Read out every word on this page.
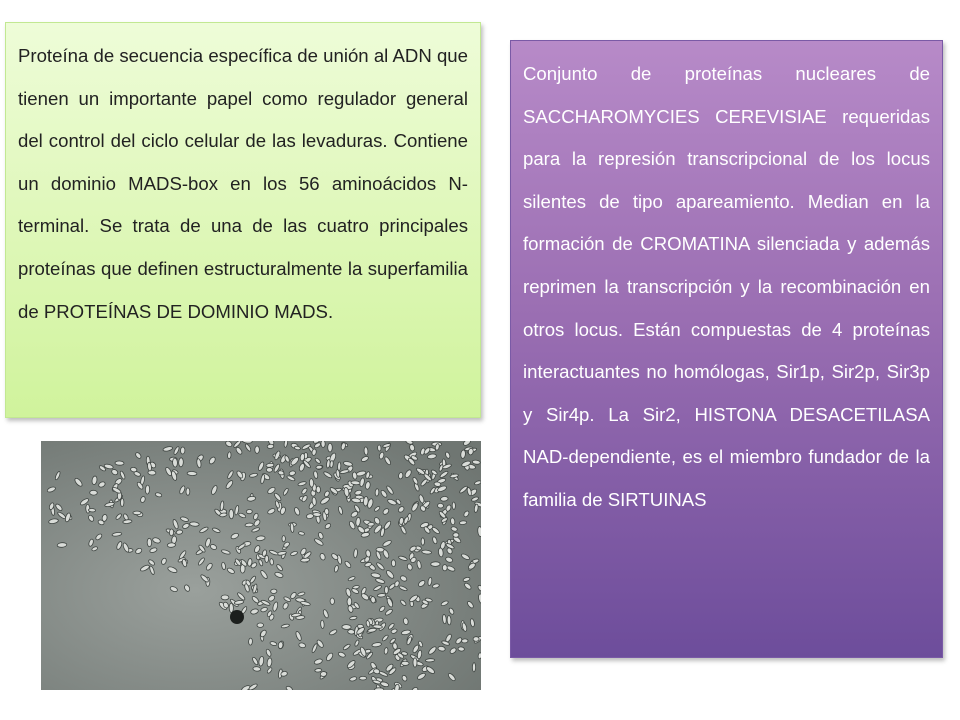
Proteína de secuencia específica de unión al ADN que tienen un importante papel como regulador general del control del ciclo celular de las levaduras. Contiene un dominio MADS-box en los 56 aminoácidos N-terminal. Se trata de una de las cuatro principales proteínas que definen estructuralmente la superfamilia de PROTEÍNAS DE DOMINIO MADS.
Conjunto de proteínas nucleares de SACCHAROMYCIES CEREVISIAE requeridas para la represión transcripcional de los locus silentes de tipo apareamiento. Median en la formación de CROMATINA silenciada y además reprimen la transcripción y la recombinación en otros locus. Están compuestas de 4 proteínas interactuantes no homólogas, Sir1p, Sir2p, Sir3p y Sir4p. La Sir2, HISTONA DESACETILASA NAD-dependiente, es el miembro fundador de la familia de SIRTUINAS
